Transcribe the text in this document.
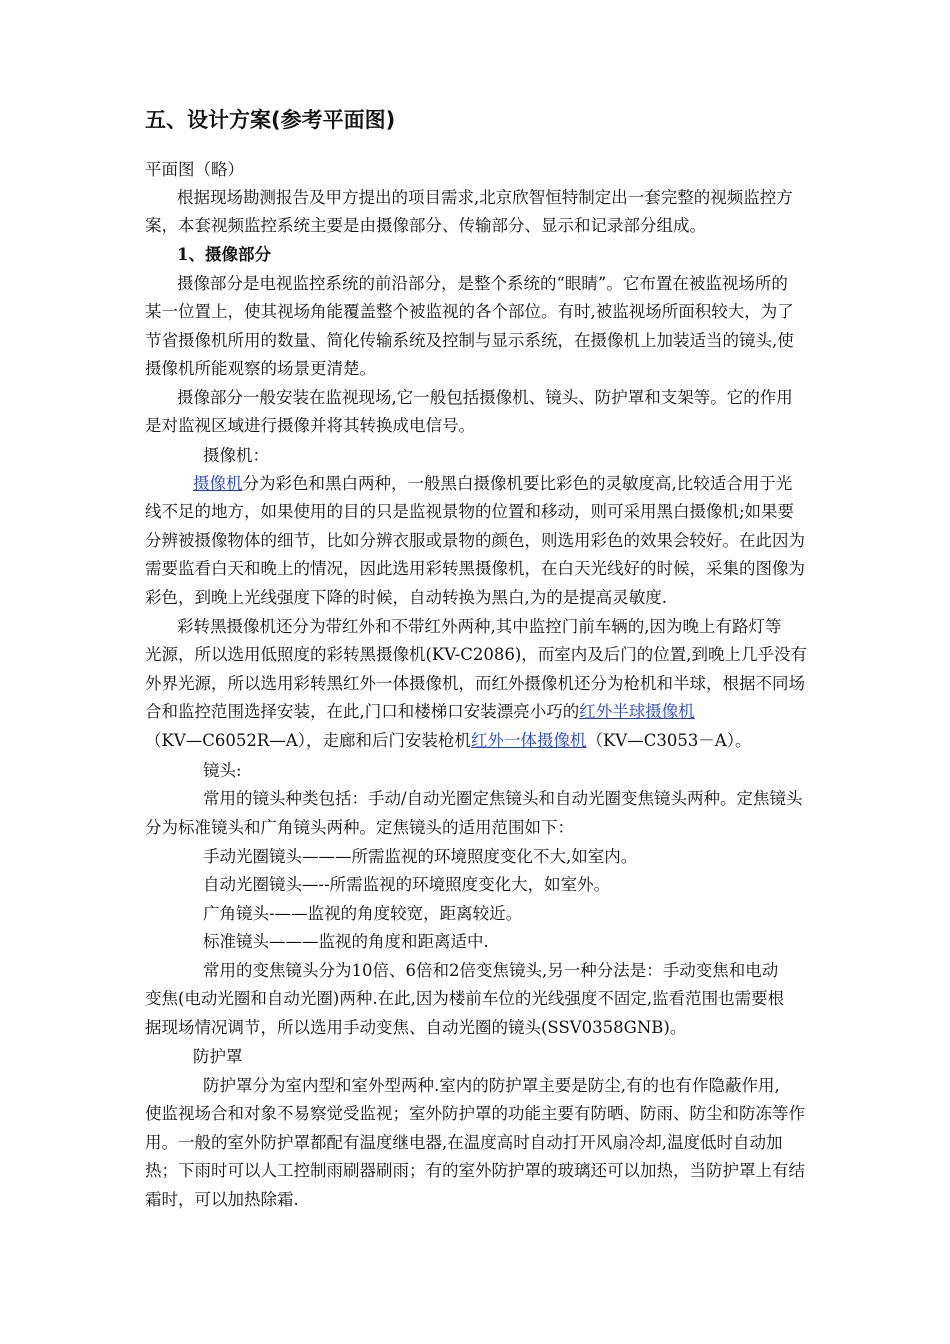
五、设计方案(参考平面图)
平面图（略）
根据现场勘测报告及甲方提出的项目需求,北京欣智恒特制定出一套完整的视频监控方
案，本套视频监控系统主要是由摄像部分、传输部分、显示和记录部分组成。
1、摄像部分
摄像部分是电视监控系统的前沿部分，是整个系统的“眼睛”。它布置在被监视场所的
某一位置上，使其视场角能覆盖整个被监视的各个部位。有时,被监视场所面积较大，为了
节省摄像机所用的数量、简化传输系统及控制与显示系统，在摄像机上加装适当的镜头,使
摄像机所能观察的场景更清楚。
摄像部分一般安装在监视现场,它一般包括摄像机、镜头、防护罩和支架等。它的作用
是对监视区域进行摄像并将其转换成电信号。
摄像机：
摄像机分为彩色和黑白两种，一般黑白摄像机要比彩色的灵敏度高,比较适合用于光
线不足的地方，如果使用的目的只是监视景物的位置和移动，则可采用黑白摄像机;如果要
分辨被摄像物体的细节，比如分辨衣服或景物的颜色，则选用彩色的效果会较好。在此因为
需要监看白天和晚上的情况，因此选用彩转黑摄像机，在白天光线好的时候，采集的图像为
彩色，到晚上光线强度下降的时候，自动转换为黑白,为的是提高灵敏度.
彩转黑摄像机还分为带红外和不带红外两种,其中监控门前车辆的,因为晚上有路灯等
光源，所以选用低照度的彩转黑摄像机(KV-C2086)，而室内及后门的位置,到晚上几乎没有
外界光源，所以选用彩转黑红外一体摄像机，而红外摄像机还分为枪机和半球，根据不同场
合和监控范围选择安装，在此,门口和楼梯口安装漂亮小巧的红外半球摄像机
（KV—C6052R—A），走廊和后门安装枪机红外一体摄像机（KV—C3053－A）。
镜头:
常用的镜头种类包括：手动/自动光圈定焦镜头和自动光圈变焦镜头两种。定焦镜头
分为标准镜头和广角镜头两种。定焦镜头的适用范围如下：
手动光圈镜头———所需监视的环境照度变化不大,如室内。
自动光圈镜头—--所需监视的环境照度变化大，如室外。
广角镜头-——监视的角度较宽，距离较近。
标准镜头———监视的角度和距离适中.
常用的变焦镜头分为10倍、6倍和2倍变焦镜头,另一种分法是：手动变焦和电动
变焦(电动光圈和自动光圈)两种.在此,因为楼前车位的光线强度不固定,监看范围也需要根
据现场情况调节，所以选用手动变焦、自动光圈的镜头(SSV0358GNB)。
防护罩
防护罩分为室内型和室外型两种.室内的防护罩主要是防尘,有的也有作隐蔽作用,
使监视场合和对象不易察觉受监视；室外防护罩的功能主要有防晒、防雨、防尘和防冻等作
用。一般的室外防护罩都配有温度继电器,在温度高时自动打开风扇冷却,温度低时自动加
热；下雨时可以人工控制雨刷器刷雨；有的室外防护罩的玻璃还可以加热，当防护罩上有结
霜时，可以加热除霜.
